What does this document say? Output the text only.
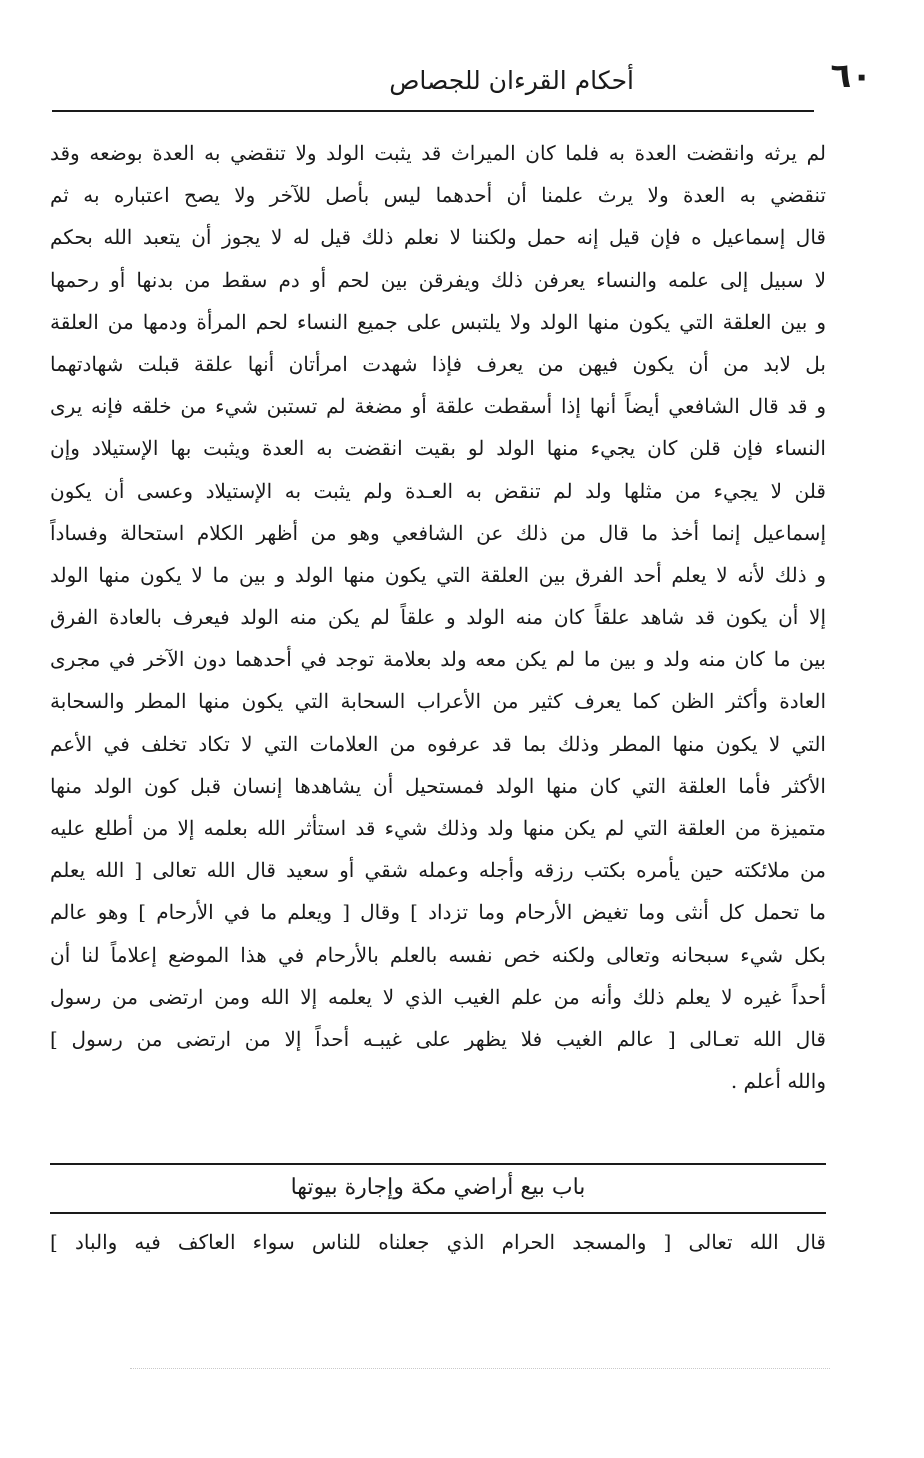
٦٠
أحكام القرءان للجصاص
لم يرثه وانقضت العدة به فلما كان الميراث قد يثبت الولد ولا تنقضي به العدة بوضعه وقد
تنقضي به العدة ولا يرث علمنا أن أحدهما ليس بأصل للآخر ولا يصح اعتباره به ثم
قال إسماعيل ه فإن قيل إنه حمل ولكننا لا نعلم ذلك قيل له لا يجوز أن يتعبد الله بحكم
لا سبيل إلى علمه والنساء يعرفن ذلك ويفرقن بين لحم أو دم سقط من بدنها أو رحمها
و بين العلقة التي يكون منها الولد ولا يلتبس على جميع النساء لحم المرأة ودمها من العلقة
بل لابد من أن يكون فيهن من يعرف فإذا شهدت امرأتان أنها علقة قبلت شهادتهما
و قد قال الشافعي أيضاً أنها إذا أسقطت علقة أو مضغة لم تستبن شيء من خلقه فإنه يرى
النساء فإن قلن كان يجيء منها الولد لو بقيت انقضت به العدة ويثبت بها الإستيلاد وإن
قلن لا يجيء من مثلها ولد لم تنقض به العـدة ولم يثبت به الإستيلاد وعسى أن يكون
إسماعيل إنما أخذ ما قال من ذلك عن الشافعي وهو من أظهر الكلام استحالة وفساداً
و ذلك لأنه لا يعلم أحد الفرق بين العلقة التي يكون منها الولد و بين ما لا يكون منها الولد
إلا أن يكون قد شاهد علقاً كان منه الولد و علقاً لم يكن منه الولد فيعرف بالعادة الفرق
بين ما كان منه ولد و بين ما لم يكن معه ولد بعلامة توجد في أحدهما دون الآخر في مجرى
العادة وأكثر الظن كما يعرف كثير من الأعراب السحابة التي يكون منها المطر والسحابة
التي لا يكون منها المطر وذلك بما قد عرفوه من العلامات التي لا تكاد تخلف في الأعم
الأكثر فأما العلقة التي كان منها الولد فمستحيل أن يشاهدها إنسان قبل كون الولد منها
متميزة من العلقة التي لم يكن منها ولد وذلك شيء قد استأثر الله بعلمه إلا من أطلع عليه
من ملائكته حين يأمره بكتب رزقه وأجله وعمله شقي أو سعيد قال الله تعالى [ الله يعلم
ما تحمل كل أنثى وما تغيض الأرحام وما تزداد ] وقال [ ويعلم ما في الأرحام ] وهو عالم
بكل شيء سبحانه وتعالى ولكنه خص نفسه بالعلم بالأرحام في هذا الموضع إعلاماً لنا أن
أحداً غيره لا يعلم ذلك وأنه من علم الغيب الذي لا يعلمه إلا الله ومن ارتضى من رسول
قال الله تعـالى [ عالم الغيب فلا يظهر على غيبـه أحداً إلا من ارتضى من رسول ]
والله أعلم .
باب بيع أراضي مكة وإجارة بيوتها
قال الله تعالى [ والمسجد الحرام الذي جعلناه للناس سواء العاكف فيه والباد ]
